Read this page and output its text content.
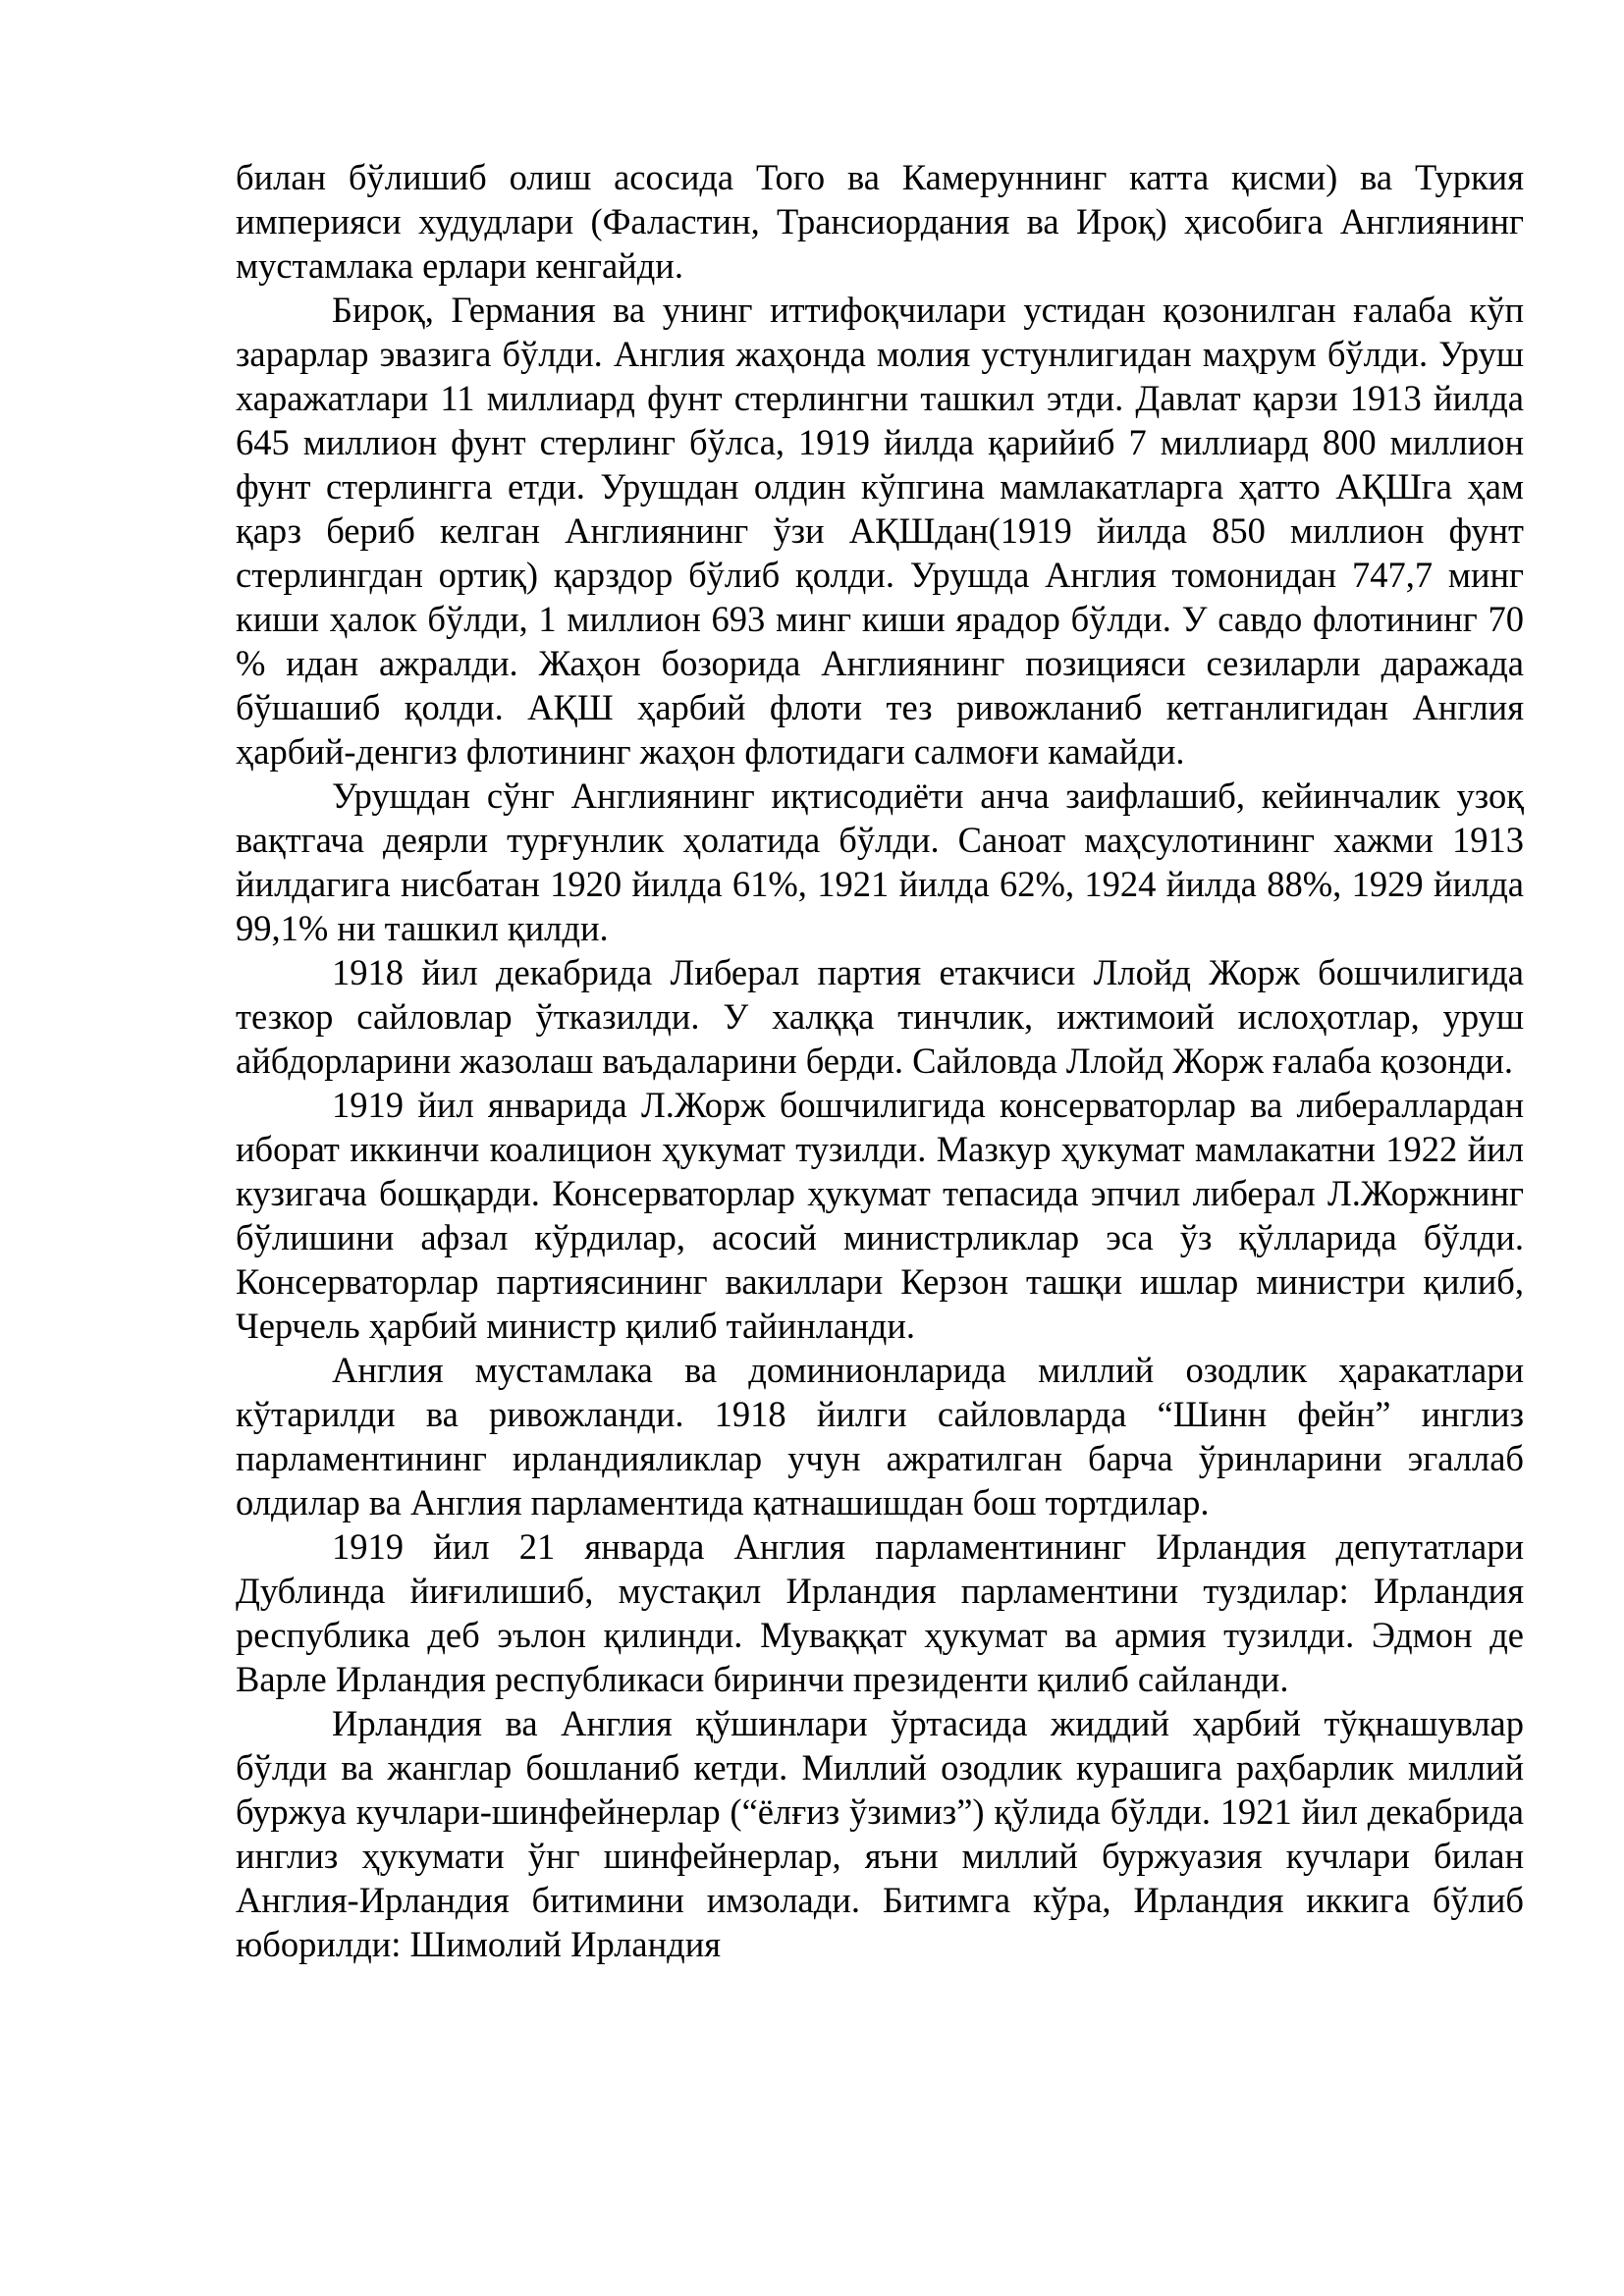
билан бўлишиб олиш асосида Того ва Камеруннинг катта қисми) ва Туркия империяси худудлари (Фаластин, Трансиордания ва Ироқ) ҳисобига Англиянинг мустамлака ерлари кенгайди.

Бироқ, Германия ва унинг иттифоқчилари устидан қозонилган ғалаба кўп зарарлар эвазига бўлди. Англия жаҳонда молия устунлигидан маҳрум бўлди. Уруш харажатлари 11 миллиард фунт стерлингни ташкил этди. Давлат қарзи 1913 йилда 645 миллион фунт стерлинг бўлса, 1919 йилда қарийиб 7 миллиард 800 миллион фунт стерлингга етди. Урушдан олдин кўпгина мамлакатларга ҳатто АҚШга ҳам қарз бериб келган Англиянинг ўзи АҚШдан(1919 йилда 850 миллион фунт стерлингдан ортиқ) қарздор бўлиб қолди. Урушда Англия томонидан 747,7 минг киши ҳалок бўлди, 1 миллион 693 минг киши ярадор бўлди. У савдо флотининг 70 % идан ажралди. Жаҳон бозорида Англиянинг позицияси сезиларли даражада бўшашиб қолди. АҚШ ҳарбий флоти тез ривожланиб кетганлигидан Англия ҳарбий-денгиз флотининг жаҳон флотидаги салмоғи камайди.

Урушдан сўнг Англиянинг иқтисодиёти анча заифлашиб, кейинчалик узоқ вақтгача деярли турғунлик ҳолатида бўлди. Саноат маҳсулотининг хажми 1913 йилдагига нисбатан 1920 йилда 61%, 1921 йилда 62%, 1924 йилда 88%, 1929 йилда 99,1% ни ташкил қилди.

1918 йил декабрида Либерал партия етакчиси Ллойд Жорж бошчилигида тезкор сайловлар ўтказилди. У халққа тинчлик, ижтимоий ислоҳотлар, уруш айбдорларини жазолаш ваъдаларини берди. Сайловда Ллойд Жорж ғалаба қозонди.

1919 йил январида Л.Жорж бошчилигида консерваторлар ва либераллардан иборат иккинчи коалицион ҳукумат тузилди. Мазкур ҳукумат мамлакатни 1922 йил кузигача бошқарди. Консерваторлар ҳукумат тепасида эпчил либерал Л.Жоржнинг бўлишини афзал кўрдилар, асосий министрликлар эса ўз қўлларида бўлди. Консерваторлар партиясининг вакиллари Керзон ташқи ишлар министри қилиб, Черчель ҳарбий министр қилиб тайинланди.

Англия мустамлака ва доминионларида миллий озодлик ҳаракатлари кўтарилди ва ривожланди. 1918 йилги сайловларда “Шинн фейн” инглиз парламентининг ирландияликлар учун ажратилган барча ўринларини эгаллаб олдилар ва Англия парламентида қатнашишдан бош тортдилар.

1919 йил 21 январда Англия парламентининг Ирландия депутатлари Дублинда йиғилишиб, мустақил Ирландия парламентини туздилар: Ирландия республика деб эълон қилинди. Муваққат ҳукумат ва армия тузилди. Эдмон де Варле Ирландия республикаси биринчи президенти қилиб сайланди.

Ирландия ва Англия қўшинлари ўртасида жиддий ҳарбий тўқнашувлар бўлди ва жанглар бошланиб кетди. Миллий озодлик курашига раҳбарлик миллий буржуа кучлари-шинфейнерлар (“ёлғиз ўзимиз”) қўлида бўлди. 1921 йил декабрида инглиз ҳукумати ўнг шинфейнерлар, яъни миллий буржуазия кучлари билан Англия-Ирландия битимини имзолади. Битимга кўра, Ирландия иккига бўлиб юборилди: Шимолий Ирландия
